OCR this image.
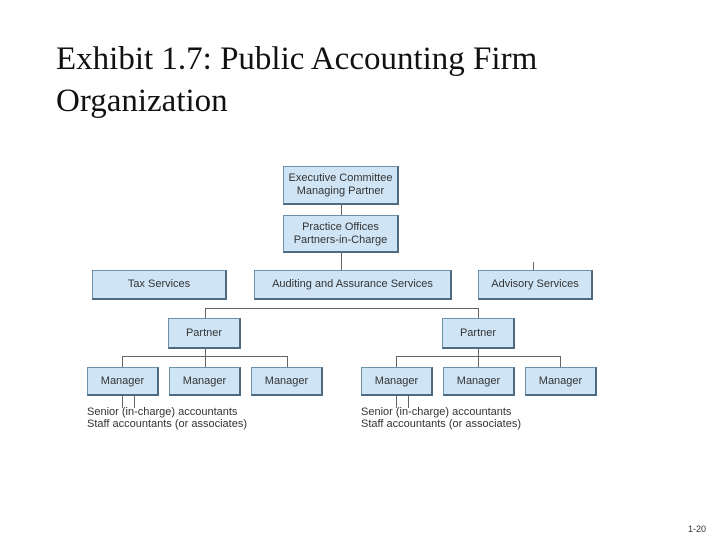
Exhibit 1.7: Public Accounting Firm
Organization
Executive Committee
Managing Partner
Practice Offices
Partners-in-Charge
Tax Services	Auditing and Assurance Services	Advisory Services
Partner	Partner
Manager	Manager	Manager	Manager	Manager	Manager
Senior (in-charge) accountants
Staff accountants (or associates)
Senior (in-charge) accountants
Staff accountants (or associates)
1-20
